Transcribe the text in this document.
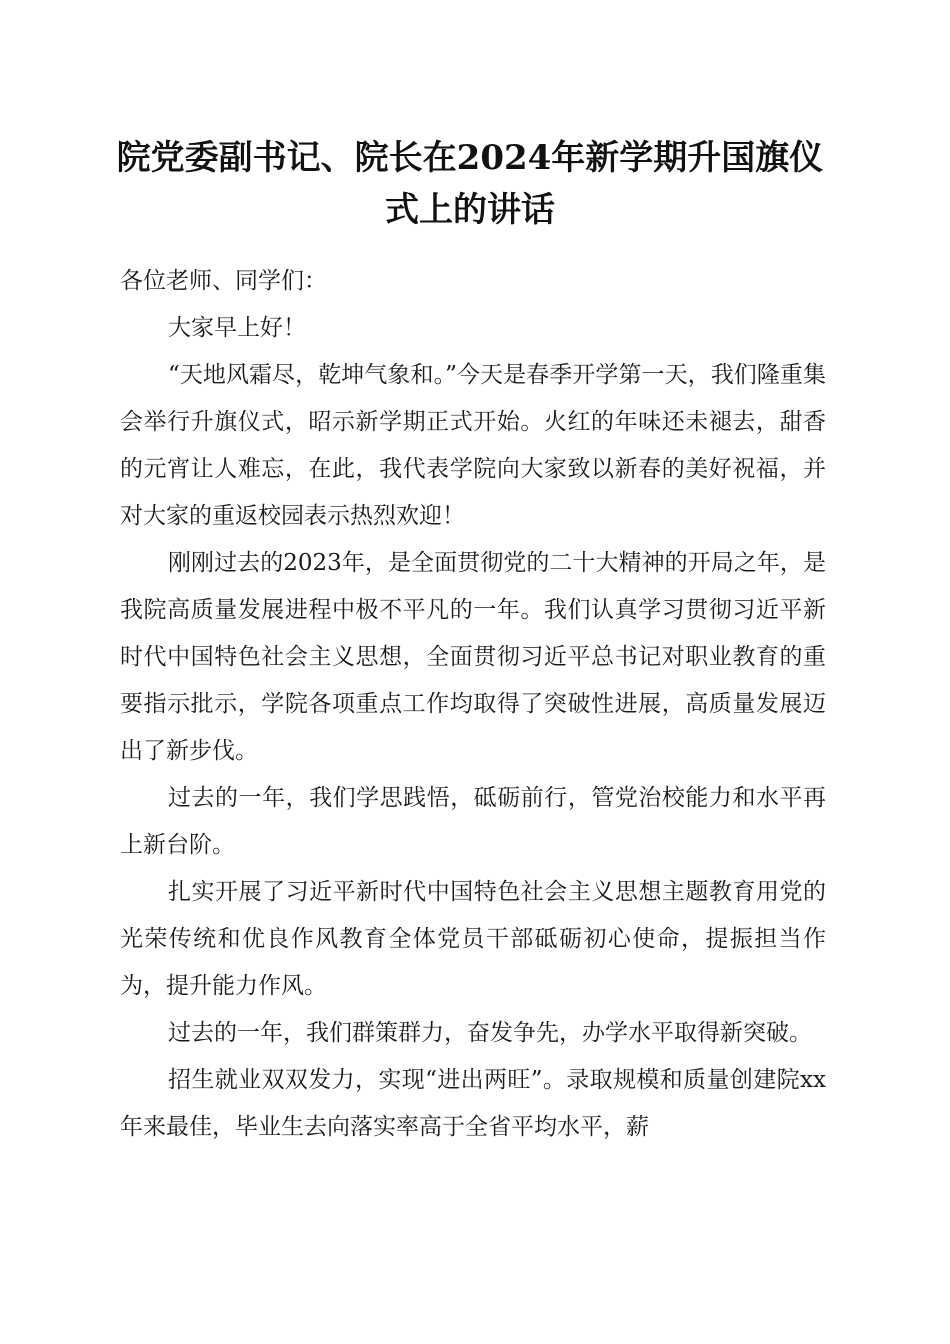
院党委副书记、院长在2024年新学期升国旗仪式上的讲话

各位老师、同学们：

大家早上好！

“天地风霜尽，乾坤气象和。”今天是春季开学第一天，我们隆重集会举行升旗仪式，昭示新学期正式开始。火红的年味还未褪去，甜香的元宵让人难忘，在此，我代表学院向大家致以新春的美好祝福，并对大家的重返校园表示热烈欢迎！

刚刚过去的2023年，是全面贯彻党的二十大精神的开局之年，是我院高质量发展进程中极不平凡的一年。我们认真学习贯彻习近平新时代中国特色社会主义思想，全面贯彻习近平总书记对职业教育的重要指示批示，学院各项重点工作均取得了突破性进展，高质量发展迈出了新步伐。

过去的一年，我们学思践悟，砥砺前行，管党治校能力和水平再上新台阶。

扎实开展了习近平新时代中国特色社会主义思想主题教育用党的光荣传统和优良作风教育全体党员干部砥砺初心使命，提振担当作为，提升能力作风。

过去的一年，我们群策群力，奋发争先，办学水平取得新突破。

招生就业双双发力，实现“进出两旺”。录取规模和质量创建院xx年来最佳，毕业生去向落实率高于全省平均水平，薪
